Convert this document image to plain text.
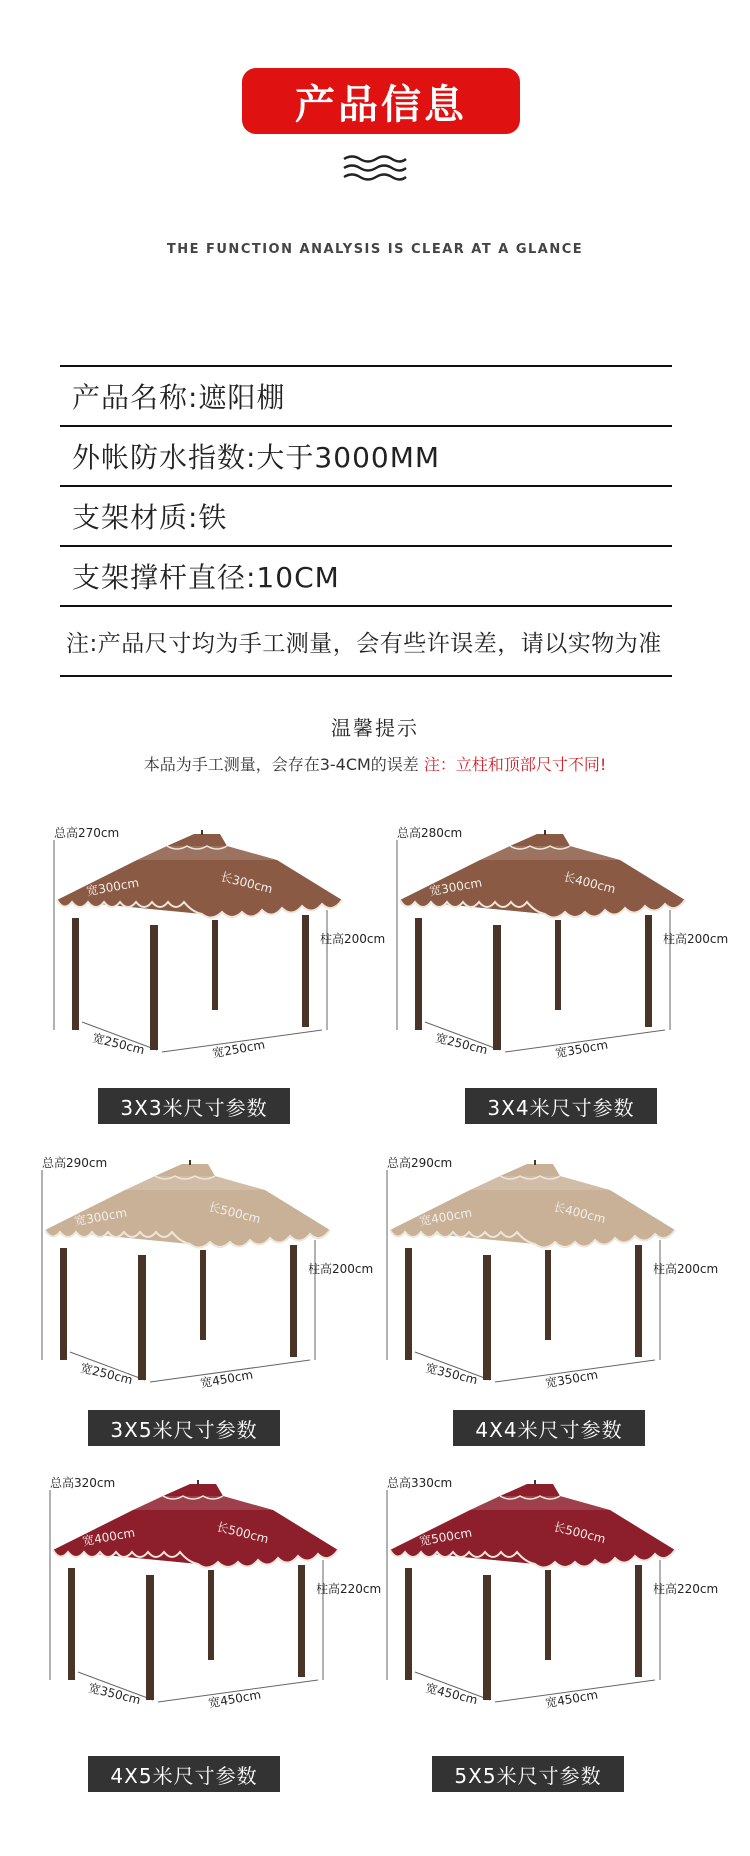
产品信息
THE FUNCTION ANALYSIS IS CLEAR AT A GLANCE
产品名称:遮阳棚
外帐防水指数:大于3000MM
支架材质:铁
支架撑杆直径:10CM
注:产品尺寸均为手工测量，会有些许误差，请以实物为准
温馨提示
本品为手工测量，会存在3-4CM的误差 注：立柱和顶部尺寸不同!
总高270cm
宽300cm	长300cm
柱高200cm
宽250cm	宽250cm
3X3米尺寸参数
总高280cm
宽300cm	长400cm
柱高200cm
宽250cm	宽350cm
3X4米尺寸参数
总高290cm
宽300cm	长500cm
柱高200cm
宽250cm	宽450cm
3X5米尺寸参数
总高290cm
宽400cm	长400cm
柱高200cm
宽350cm	宽350cm
4X4米尺寸参数
总高320cm
宽400cm	长500cm
柱高220cm
宽350cm	宽450cm
4X5米尺寸参数
总高330cm
宽500cm	长500cm
柱高220cm
宽450cm	宽450cm
5X5米尺寸参数
